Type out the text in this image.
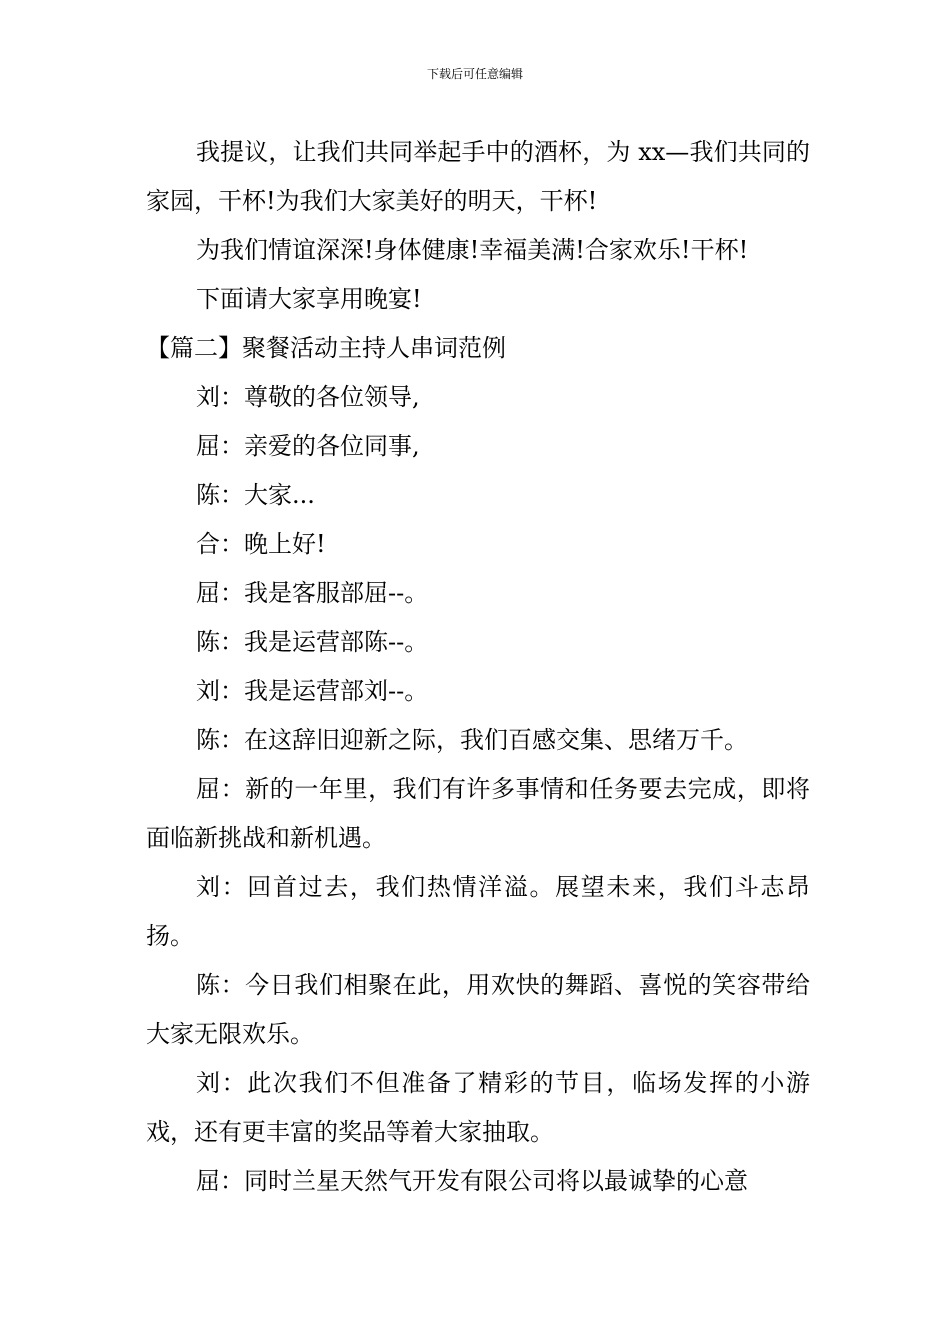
下载后可任意编辑

我提议，让我们共同举起手中的酒杯，为 xx—我们共同的家园，干杯!为我们大家美好的明天，干杯!

为我们情谊深深!身体健康!幸福美满!合家欢乐!干杯!

下面请大家享用晚宴!

【篇二】聚餐活动主持人串词范例

刘：尊敬的各位领导,

屈：亲爱的各位同事,

陈：大家...

合：晚上好!

屈：我是客服部屈--。

陈：我是运营部陈--。

刘：我是运营部刘--。

陈：在这辞旧迎新之际，我们百感交集、思绪万千。

屈：新的一年里，我们有许多事情和任务要去完成，即将面临新挑战和新机遇。

刘：回首过去，我们热情洋溢。展望未来，我们斗志昂扬。

陈：今日我们相聚在此，用欢快的舞蹈、喜悦的笑容带给大家无限欢乐。

刘：此次我们不但准备了精彩的节目，临场发挥的小游戏，还有更丰富的奖品等着大家抽取。

屈：同时兰星天然气开发有限公司将以最诚挚的心意
